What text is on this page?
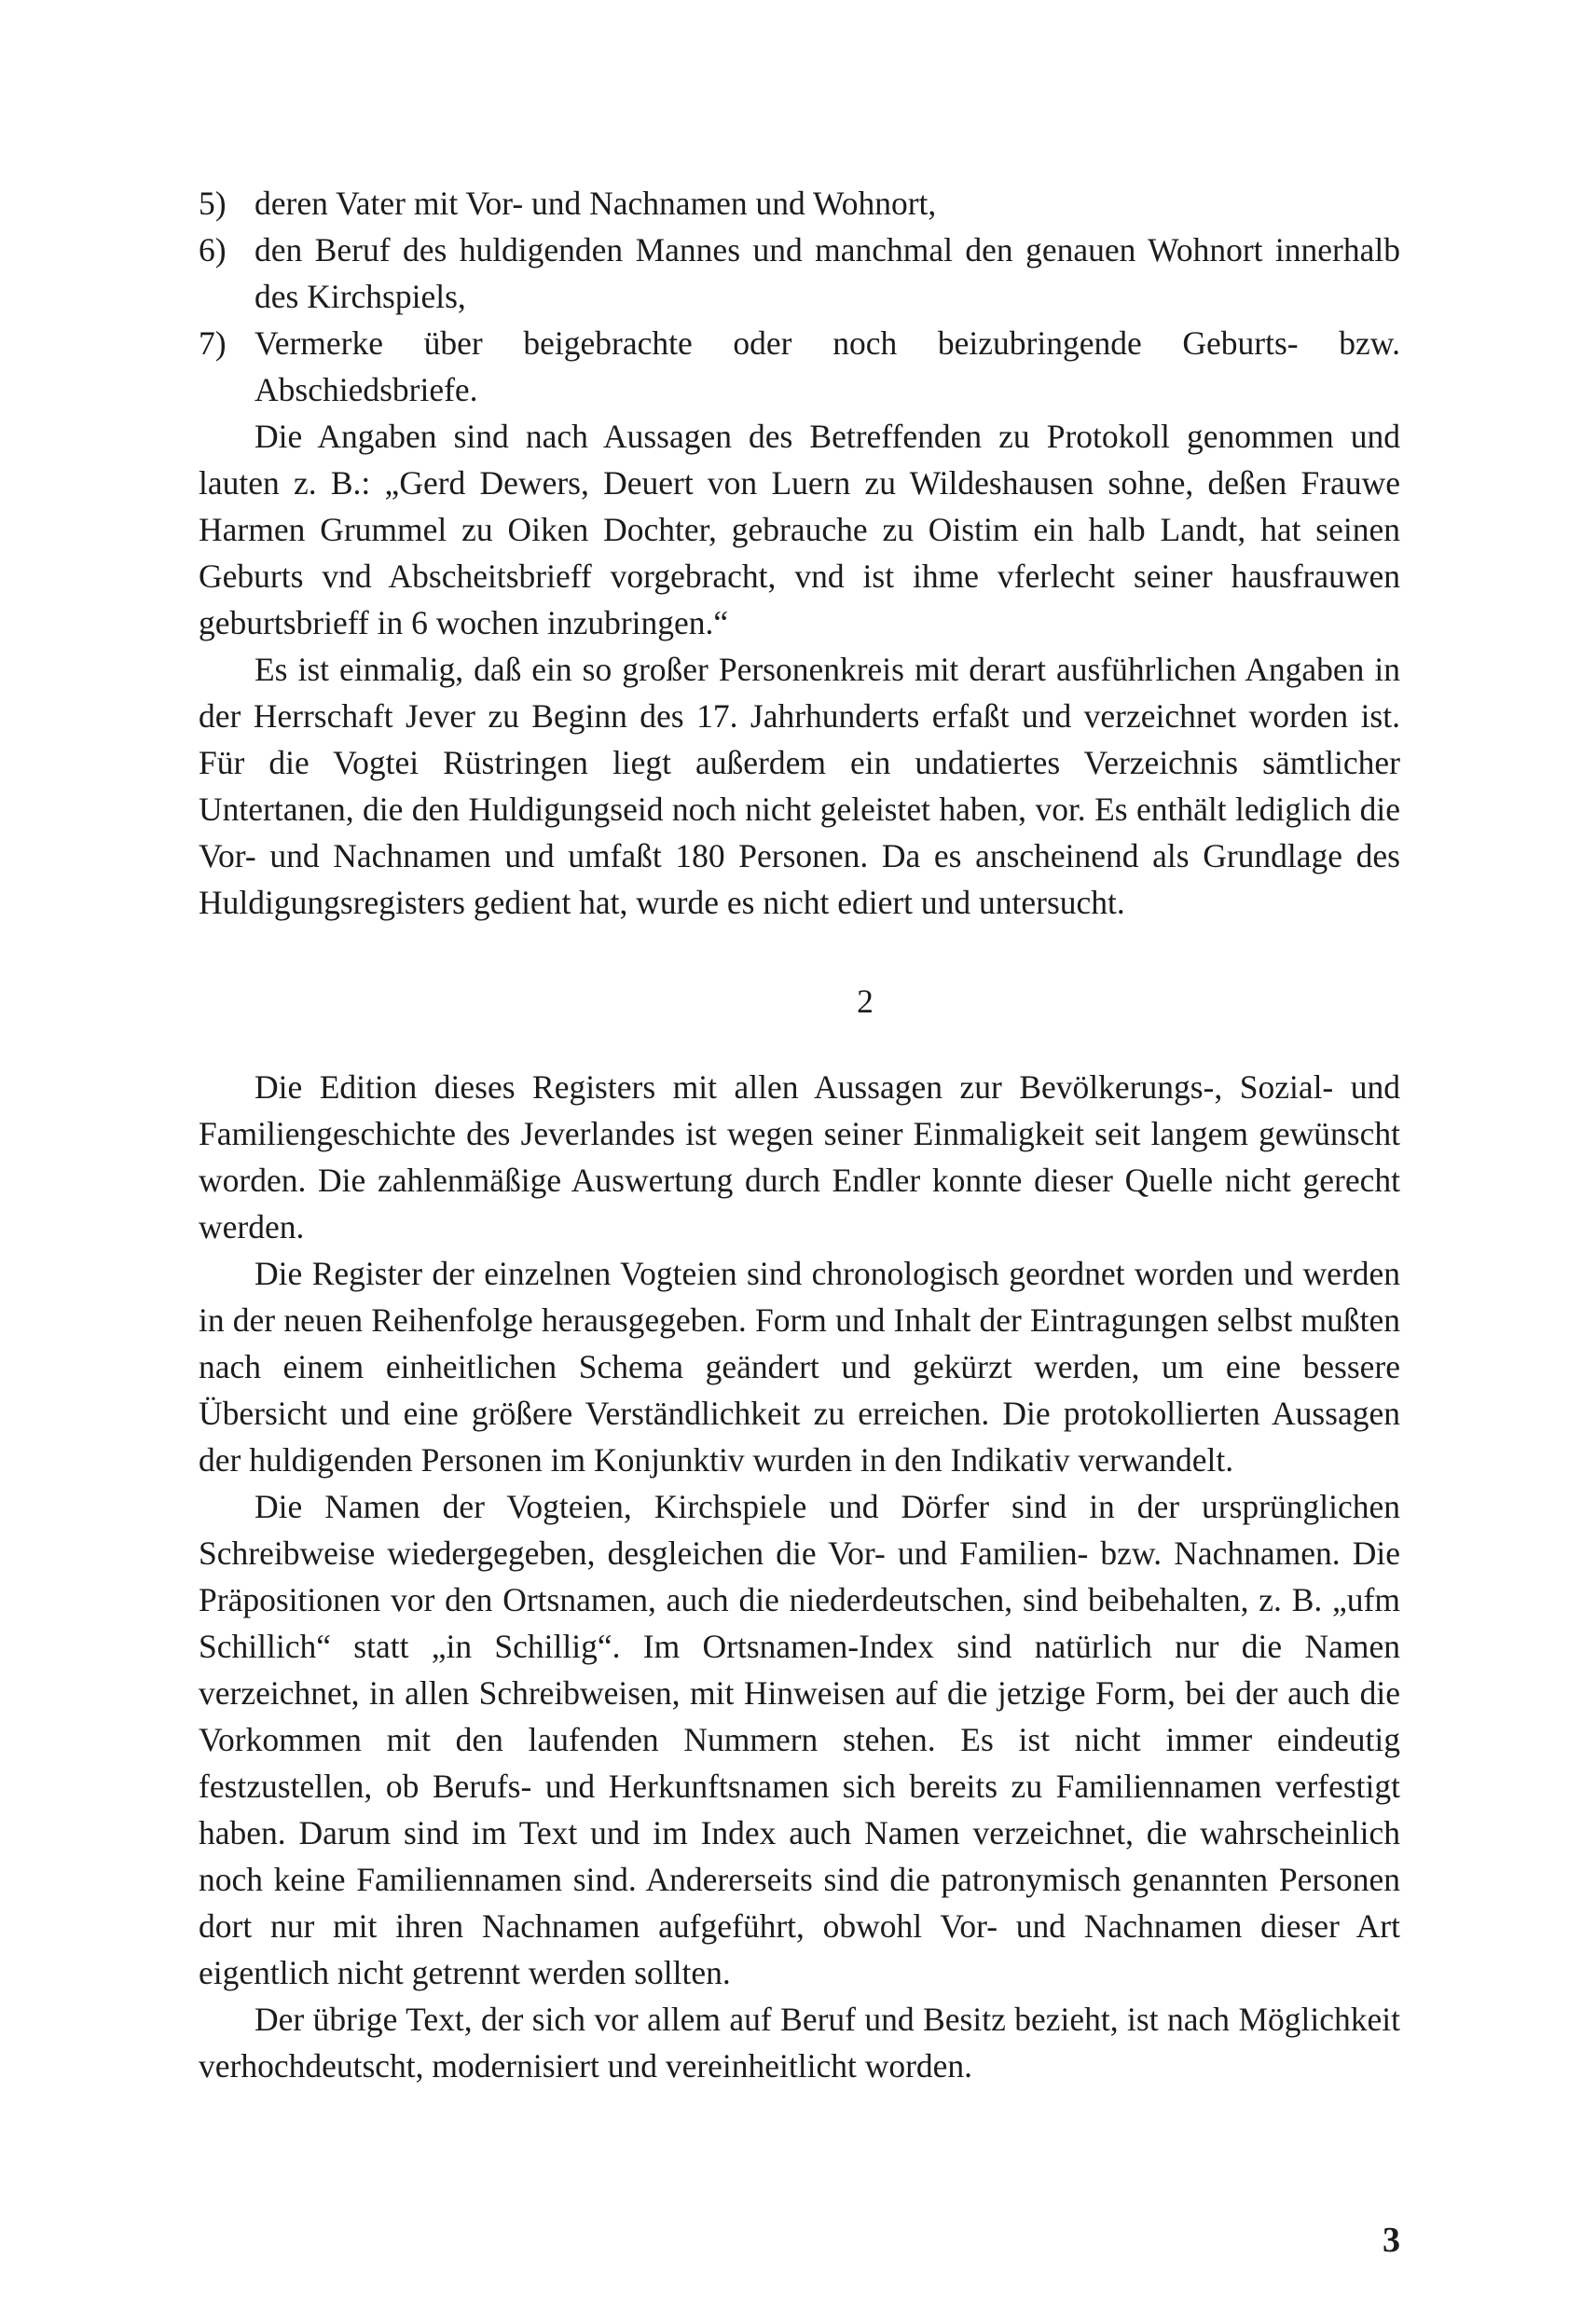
5) deren Vater mit Vor- und Nachnamen und Wohnort,
6) den Beruf des huldigenden Mannes und manchmal den genauen Wohnort innerhalb des Kirchspiels,
7) Vermerke über beigebrachte oder noch beizubringende Geburts- bzw. Abschiedsbriefe.

Die Angaben sind nach Aussagen des Betreffenden zu Protokoll genommen und lauten z. B.: „Gerd Dewers, Deuert von Luern zu Wildeshausen sohne, deßen Frauwe Harmen Grummel zu Oiken Dochter, gebrauche zu Oistim ein halb Landt, hat seinen Geburts vnd Abscheitsbrieff vorgebracht, vnd ist ihme vferlecht seiner hausfrauwen geburtsbrieff in 6 wochen inzubringen.“

Es ist einmalig, daß ein so großer Personenkreis mit derart ausführlichen Angaben in der Herrschaft Jever zu Beginn des 17. Jahrhunderts erfaßt und verzeichnet worden ist. Für die Vogtei Rüstringen liegt außerdem ein undatiertes Verzeichnis sämtlicher Untertanen, die den Huldigungseid noch nicht geleistet haben, vor. Es enthält lediglich die Vor- und Nachnamen und umfaßt 180 Personen. Da es anscheinend als Grundlage des Huldigungsregisters gedient hat, wurde es nicht ediert und untersucht.

2

Die Edition dieses Registers mit allen Aussagen zur Bevölkerungs-, Sozial- und Familiengeschichte des Jeverlandes ist wegen seiner Einmaligkeit seit langem gewünscht worden. Die zahlenmäßige Auswertung durch Endler konnte dieser Quelle nicht gerecht werden.

Die Register der einzelnen Vogteien sind chronologisch geordnet worden und werden in der neuen Reihenfolge herausgegeben. Form und Inhalt der Eintragungen selbst mußten nach einem einheitlichen Schema geändert und gekürzt werden, um eine bessere Übersicht und eine größere Verständlichkeit zu erreichen. Die protokollierten Aussagen der huldigenden Personen im Konjunktiv wurden in den Indikativ verwandelt.

Die Namen der Vogteien, Kirchspiele und Dörfer sind in der ursprünglichen Schreibweise wiedergegeben, desgleichen die Vor- und Familien- bzw. Nachnamen. Die Präpositionen vor den Ortsnamen, auch die niederdeutschen, sind beibehalten, z. B. „ufm Schillich“ statt „in Schillig“. Im Ortsnamen-Index sind natürlich nur die Namen verzeichnet, in allen Schreibweisen, mit Hinweisen auf die jetzige Form, bei der auch die Vorkommen mit den laufenden Nummern stehen. Es ist nicht immer eindeutig festzustellen, ob Berufs- und Herkunftsnamen sich bereits zu Familiennamen verfestigt haben. Darum sind im Text und im Index auch Namen verzeichnet, die wahrscheinlich noch keine Familiennamen sind. Andererseits sind die patronymisch genannten Personen dort nur mit ihren Nachnamen aufgeführt, obwohl Vor- und Nachnamen dieser Art eigentlich nicht getrennt werden sollten.

Der übrige Text, der sich vor allem auf Beruf und Besitz bezieht, ist nach Möglichkeit verhochdeutscht, modernisiert und vereinheitlicht worden.

3
